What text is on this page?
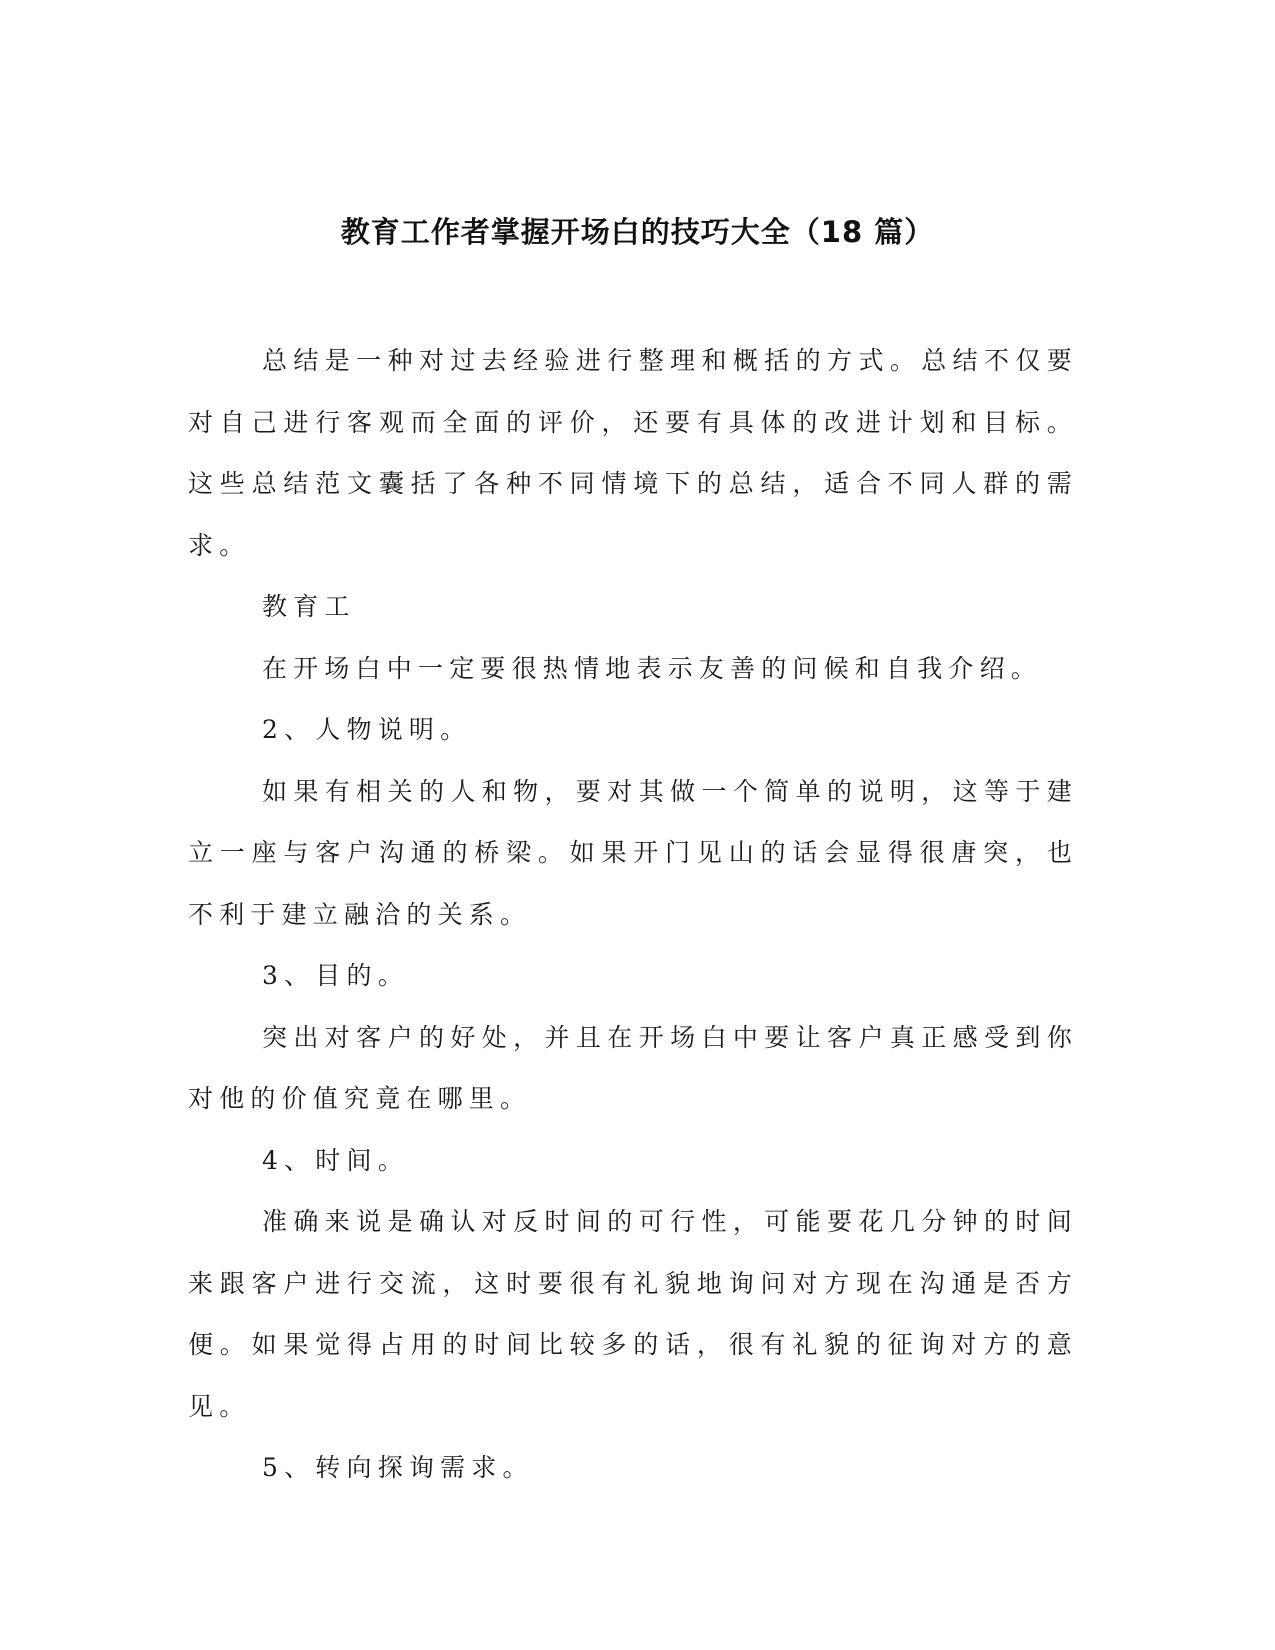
教育工作者掌握开场白的技巧大全（18 篇）

总结是一种对过去经验进行整理和概括的方式。总结不仅要对自己进行客观而全面的评价，还要有具体的改进计划和目标。这些总结范文囊括了各种不同情境下的总结，适合不同人群的需求。

教育工

在开场白中一定要很热情地表示友善的问候和自我介绍。

2、人物说明。

如果有相关的人和物，要对其做一个简单的说明，这等于建立一座与客户沟通的桥梁。如果开门见山的话会显得很唐突，也不利于建立融洽的关系。

3、目的。

突出对客户的好处，并且在开场白中要让客户真正感受到你对他的价值究竟在哪里。

4、时间。

准确来说是确认对反时间的可行性，可能要花几分钟的时间来跟客户进行交流，这时要很有礼貌地询问对方现在沟通是否方便。如果觉得占用的时间比较多的话，很有礼貌的征询对方的意见。

5、转向探询需求。
